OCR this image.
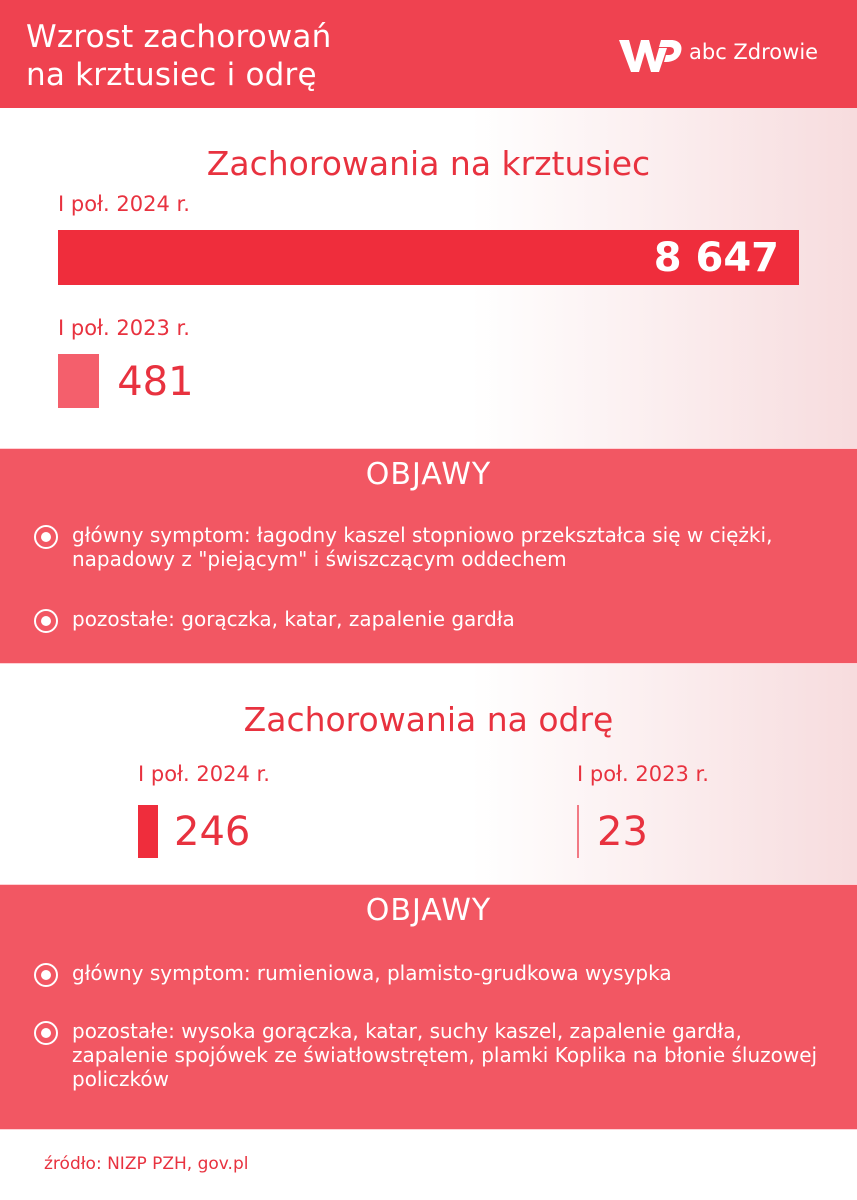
Wzrost zachorowań
na krztusiec i odrę
abc Zdrowie
Zachorowania na krztusiec
I poł. 2024 r.
8 647
I poł. 2023 r.
481
OBJAWY
główny symptom: łagodny kaszel stopniowo przekształca się w ciężki, napadowy z "piejącym" i świszczącym oddechem
pozostałe: gorączka, katar, zapalenie gardła
Zachorowania na odrę
I poł. 2024 r.
246
I poł. 2023 r.
23
OBJAWY
główny symptom: rumieniowa, plamisto-grudkowa wysypka
pozostałe: wysoka gorączka, katar, suchy kaszel, zapalenie gardła, zapalenie spojówek ze światłowstrętem, plamki Koplika na błonie śluzowej policzków
źródło: NIZP PZH, gov.pl
